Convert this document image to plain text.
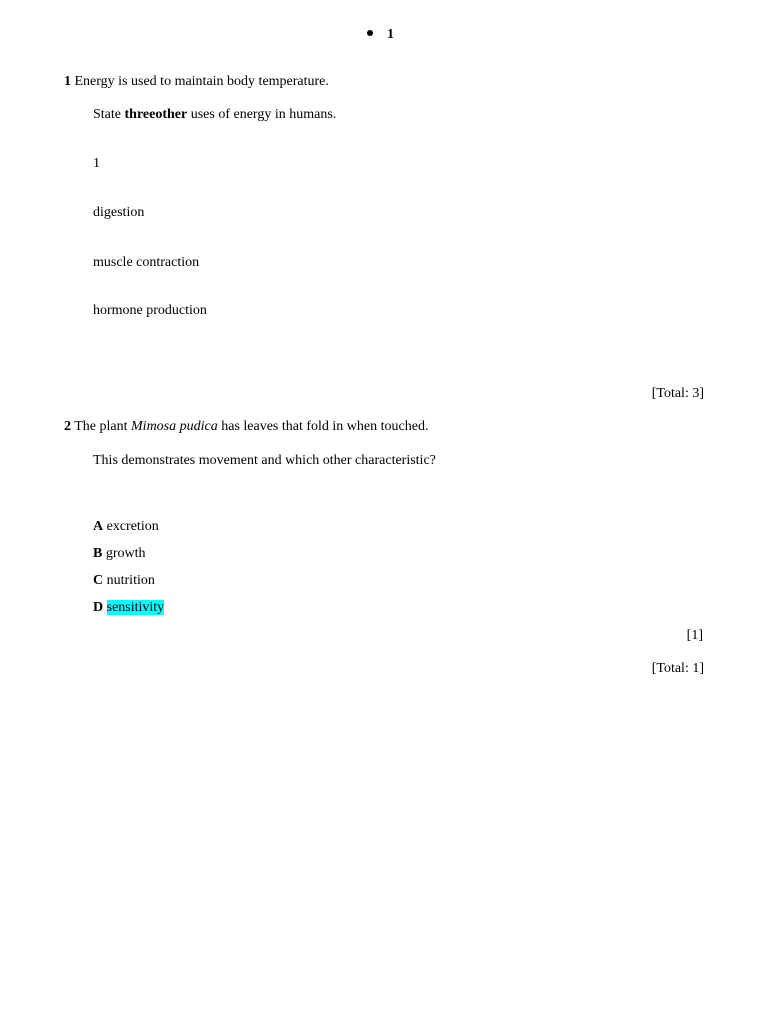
1
1 Energy is used to maintain body temperature.
State threeother uses of energy in humans.
1
digestion
muscle contraction
hormone production
[Total: 3]
2 The plant Mimosa pudica has leaves that fold in when touched.
This demonstrates movement and which other characteristic?
A excretion
B growth
C nutrition
D sensitivity
[1]
[Total: 1]
